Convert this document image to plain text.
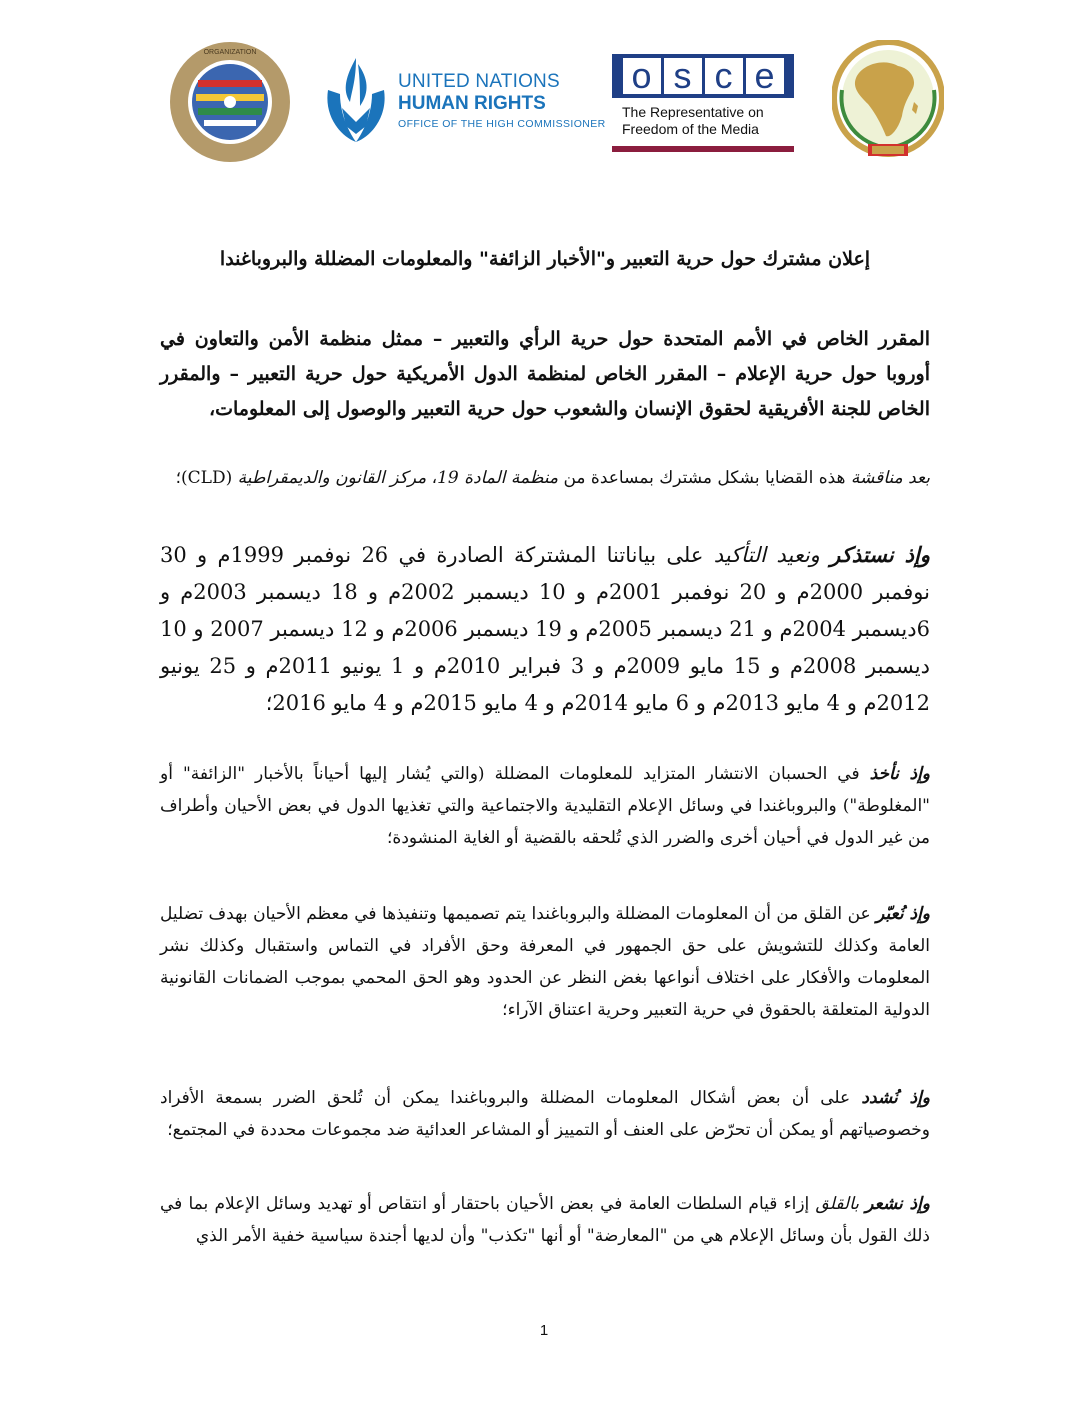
ORGANIZATION
UNITED NATIONS
HUMAN RIGHTS
OFFICE OF THE HIGH COMMISSIONER
o s c e
The Representative on Freedom of the Media
إعلان مشترك حول حرية التعبير و"الأخبار الزائفة" والمعلومات المضللة والبروباغندا
المقرر الخاص في الأمم المتحدة حول حرية الرأي والتعبير – ممثل منظمة الأمن والتعاون في أوروبا حول حرية الإعلام – المقرر الخاص لمنظمة الدول الأمريكية حول حرية التعبير – والمقرر الخاص للجنة الأفريقية لحقوق الإنسان والشعوب حول حرية التعبير والوصول إلى المعلومات،
بعد مناقشة هذه القضايا بشكل مشترك بمساعدة من منظمة المادة 19، مركز القانون والديمقراطية (CLD)؛
وإذ نستذكر ونعيد التأكيد على بياناتنا المشتركة الصادرة في 26 نوفمبر 1999م و 30 نوفمبر 2000م و 20 نوفمبر 2001م و 10 ديسمبر 2002م و 18 ديسمبر 2003م و 6ديسمبر 2004م و 21 ديسمبر 2005م و 19 ديسمبر 2006م و 12 ديسمبر 2007 و 10 ديسمبر 2008م و 15 مايو 2009م و 3 فبراير 2010م و 1 يونيو 2011م و 25 يونيو 2012م و 4 مايو 2013م و 6 مايو 2014م و 4 مايو 2015م و 4 مايو 2016؛
وإذ نأخذ في الحسبان الانتشار المتزايد للمعلومات المضللة (والتي يُشار إليها أحياناً بالأخبار "الزائفة" أو "المغلوطة") والبروباغندا في وسائل الإعلام التقليدية والاجتماعية والتي تغذيها الدول في بعض الأحيان وأطراف من غير الدول في أحيان أخرى والضرر الذي تُلحقه بالقضية أو الغاية المنشودة؛
وإذ نُعبّر عن القلق من أن المعلومات المضللة والبروباغندا يتم تصميمها وتنفيذها في معظم الأحيان بهدف تضليل العامة وكذلك للتشويش على حق الجمهور في المعرفة وحق الأفراد في التماس واستقبال وكذلك نشر المعلومات والأفكار على اختلاف أنواعها بغض النظر عن الحدود وهو الحق المحمي بموجب الضمانات القانونية الدولية المتعلقة بالحقوق في حرية التعبير وحرية اعتناق الآراء؛
وإذ نُشدد على أن بعض أشكال المعلومات المضللة والبروباغندا يمكن أن تُلحق الضرر بسمعة الأفراد وخصوصياتهم أو يمكن أن تحرّض على العنف أو التمييز أو المشاعر العدائية ضد مجموعات محددة في المجتمع؛
وإذ نشعر بالقلق إزاء قيام السلطات العامة في بعض الأحيان باحتقار أو انتقاص أو تهديد وسائل الإعلام بما في ذلك القول بأن وسائل الإعلام هي من "المعارضة" أو أنها "تكذب" وأن لديها أجندة سياسية خفية الأمر الذي
1
